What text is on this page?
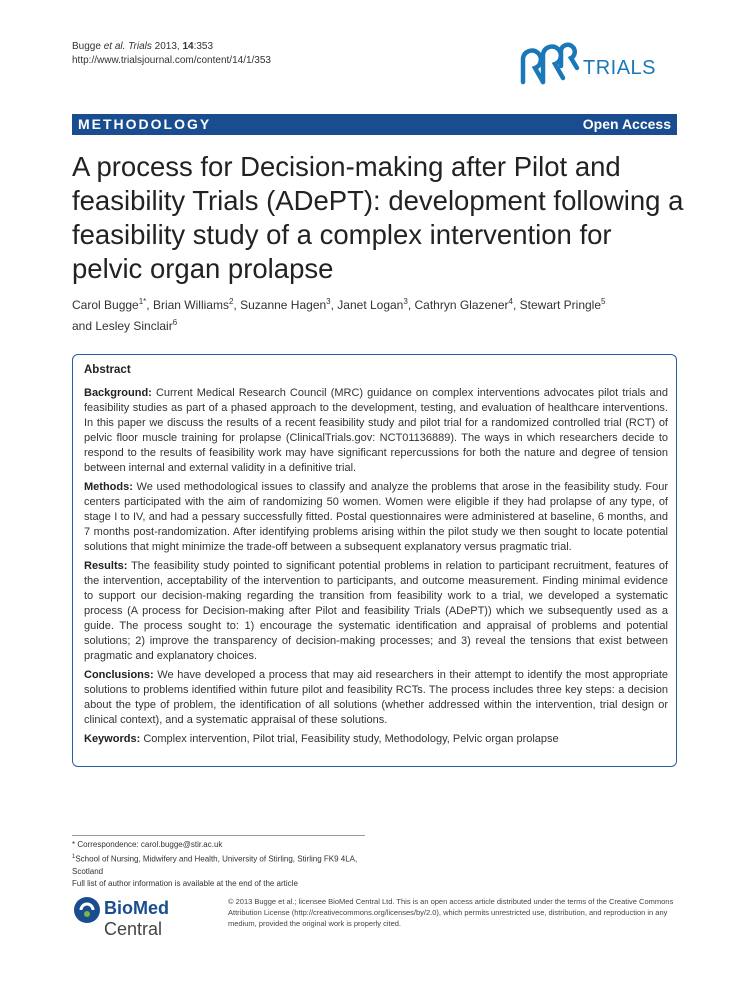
Bugge et al. Trials 2013, 14:353
http://www.trialsjournal.com/content/14/1/353	TRIALS
METHODOLOGY	Open Access
A process for Decision-making after Pilot and feasibility Trials (ADePT): development following a feasibility study of a complex intervention for pelvic organ prolapse
Carol Bugge$^{1*}$, Brian Williams$^2$, Suzanne Hagen$^3$, Janet Logan$^3$, Cathryn Glazener$^4$, Stewart Pringle$^5$
and Lesley Sinclair$^6$
Abstract

Background: Current Medical Research Council (MRC) guidance on complex interventions advocates pilot trials and feasibility studies as part of a phased approach to the development, testing, and evaluation of healthcare interventions. In this paper we discuss the results of a recent feasibility study and pilot trial for a randomized controlled trial (RCT) of pelvic floor muscle training for prolapse (ClinicalTrials.gov: NCT01136889). The ways in which researchers decide to respond to the results of feasibility work may have significant repercussions for both the nature and degree of tension between internal and external validity in a definitive trial.

Methods: We used methodological issues to classify and analyze the problems that arose in the feasibility study. Four centers participated with the aim of randomizing 50 women. Women were eligible if they had prolapse of any type, of stage I to IV, and had a pessary successfully fitted. Postal questionnaires were administered at baseline, 6 months, and 7 months post-randomization. After identifying problems arising within the pilot study we then sought to locate potential solutions that might minimize the trade-off between a subsequent explanatory versus pragmatic trial.

Results: The feasibility study pointed to significant potential problems in relation to participant recruitment, features of the intervention, acceptability of the intervention to participants, and outcome measurement. Finding minimal evidence to support our decision-making regarding the transition from feasibility work to a trial, we developed a systematic process (A process for Decision-making after Pilot and feasibility Trials (ADePT)) which we subsequently used as a guide. The process sought to: 1) encourage the systematic identification and appraisal of problems and potential solutions; 2) improve the transparency of decision-making processes; and 3) reveal the tensions that exist between pragmatic and explanatory choices.

Conclusions: We have developed a process that may aid researchers in their attempt to identify the most appropriate solutions to problems identified within future pilot and feasibility RCTs. The process includes three key steps: a decision about the type of problem, the identification of all solutions (whether addressed within the intervention, trial design or clinical context), and a systematic appraisal of these solutions.

Keywords: Complex intervention, Pilot trial, Feasibility study, Methodology, Pelvic organ prolapse

* Correspondence: carol.bugge@stir.ac.uk
$^1$School of Nursing, Midwifery and Health, University of Stirling, Stirling FK9 4LA, Scotland
Full list of author information is available at the end of the article
BioMed Central
© 2013 Bugge et al.; licensee BioMed Central Ltd. This is an open access article distributed under the terms of the Creative Commons Attribution License (http://creativecommons.org/licenses/by/2.0), which permits unrestricted use, distribution, and reproduction in any medium, provided the original work is properly cited.
